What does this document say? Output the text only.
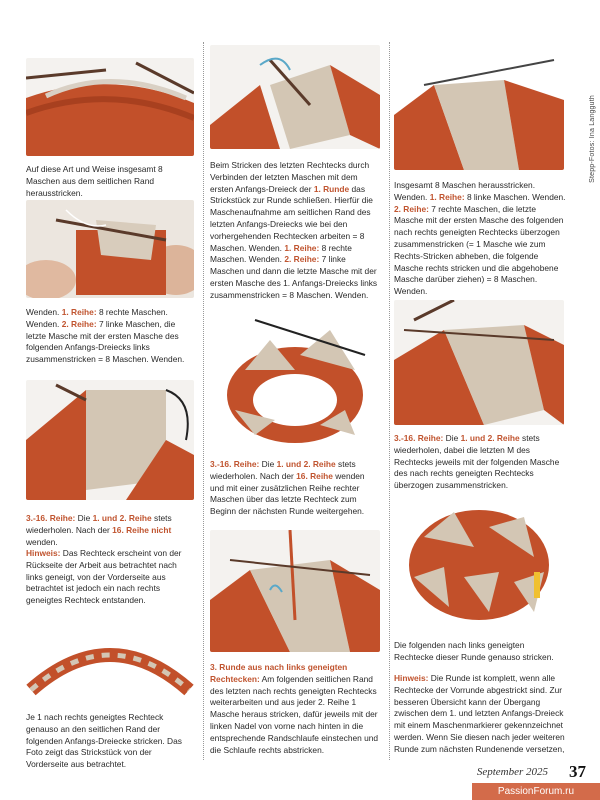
Stepp-Fotos: Ina Langguth
Auf diese Art und Weise insgesamt 8 Maschen aus dem seitlichen Rand herausstricken.
Wenden. 1. Reihe: 8 rechte Maschen. Wenden. 2. Reihe: 7 linke Maschen, die letzte Masche mit der ersten Masche des folgenden Anfangs-Dreiecks links zusammenstricken = 8 Maschen. Wenden.
3.-16. Reihe: Die 1. und 2. Reihe stets wiederholen. Nach der 16. Reihe nicht wenden.
Hinweis: Das Rechteck erscheint von der Rückseite der Arbeit aus betrachtet nach links geneigt, von der Vorderseite aus betrachtet ist jedoch ein nach rechts geneigtes Rechteck entstanden.
Je 1 nach rechts geneigtes Rechteck genauso an den seitlichen Rand der folgenden Anfangs-Dreiecke stricken. Das Foto zeigt das Strickstück von der Vorderseite aus betrachtet.
Beim Stricken des letzten Rechtecks durch Verbinden der letzten Maschen mit dem ersten Anfangs-Dreieck der 1. Runde das Strickstück zur Runde schließen. Hierfür die Maschenaufnahme am seitlichen Rand des letzten Anfangs-Dreiecks wie bei den vorhergehenden Rechtecken arbeiten = 8 Maschen. Wenden. 1. Reihe: 8 rechte Maschen. Wenden. 2. Reihe: 7 linke Maschen und dann die letzte Masche mit der ersten Masche des 1. Anfangs-Dreiecks links zusammenstricken = 8 Maschen. Wenden.
3.-16. Reihe: Die 1. und 2. Reihe stets wiederholen. Nach der 16. Reihe wenden und mit einer zusätzlichen Reihe rechter Maschen über das letzte Rechteck zum Beginn der nächsten Runde weitergehen.
3. Runde aus nach links geneigten Rechtecken: Am folgenden seitlichen Rand des letzten nach rechts geneigten Rechtecks weiterarbeiten und aus jeder 2. Reihe 1 Masche heraus stricken, dafür jeweils mit der linken Nadel von vorne nach hinten in die entsprechende Randschlaufe einstechen und die Schlaufe rechts abstricken.
Insgesamt 8 Maschen herausstricken. Wenden. 1. Reihe: 8 linke Maschen. Wenden. 2. Reihe: 7 rechte Maschen, die letzte Masche mit der ersten Masche des folgenden nach rechts geneigten Rechtecks überzogen zusammenstricken (= 1 Masche wie zum Rechts-Stricken abheben, die folgende Masche rechts stricken und die abgehobene Masche darüber ziehen) = 8 Maschen. Wenden.
3.-16. Reihe: Die 1. und 2. Reihe stets wiederholen, dabei die letzten M des Rechtecks jeweils mit der folgenden Masche des nach rechts geneigten Rechtecks überzogen zusammenstricken.
Die folgenden nach links geneigten Rechtecke dieser Runde genauso stricken.
Hinweis: Die Runde ist komplett, wenn alle Rechtecke der Vorrunde abgestrickt sind. Zur besseren Übersicht kann der Übergang zwischen dem 1. und letzten Anfangs-Dreieck mit einem Maschenmarkierer gekennzeichnet werden. Wenn Sie diesen nach jeder weiteren Runde zum nächsten Rundenende versetzen,
September 2025 37
PassionForum.ru
